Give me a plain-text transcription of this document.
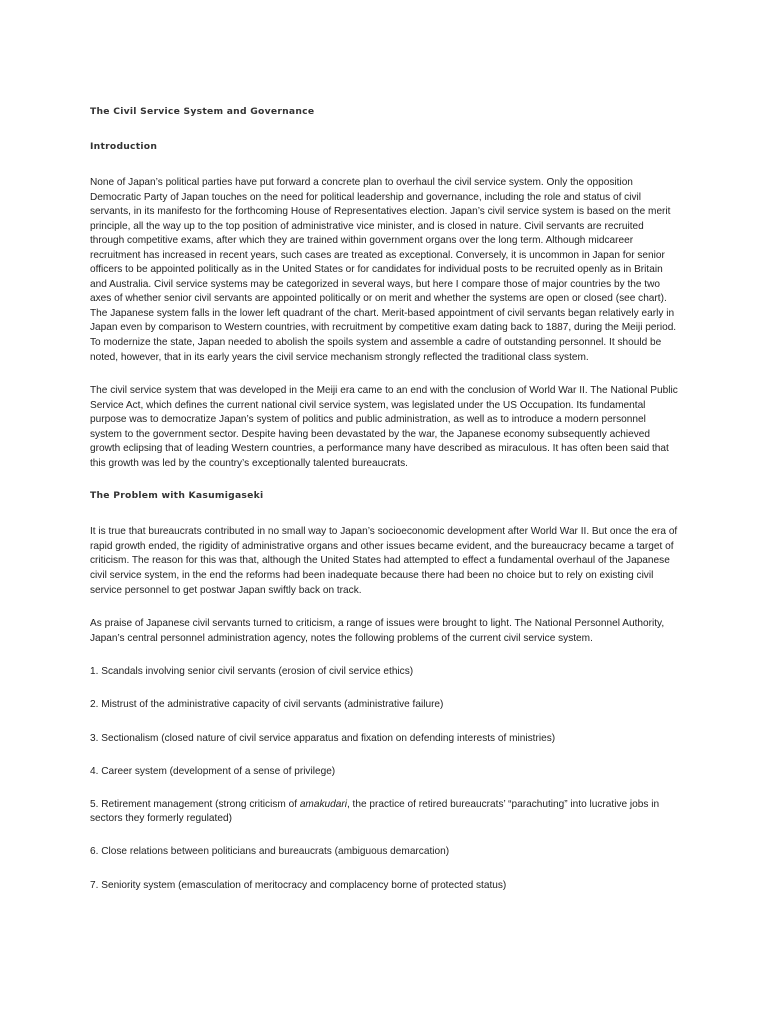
The Civil Service System and Governance
Introduction

None of Japan’s political parties have put forward a concrete plan to overhaul the civil service system. Only the opposition Democratic Party of Japan touches on the need for political leadership and governance, including the role and status of civil servants, in its manifesto for the forthcoming House of Representatives election. Japan’s civil service system is based on the merit principle, all the way up to the top position of administrative vice minister, and is closed in nature. Civil servants are recruited through competitive exams, after which they are trained within government organs over the long term. Although midcareer recruitment has increased in recent years, such cases are treated as exceptional. Conversely, it is uncommon in Japan for senior officers to be appointed politically as in the United States or for candidates for individual posts to be recruited openly as in Britain and Australia. Civil service systems may be categorized in several ways, but here I compare those of major countries by the two axes of whether senior civil servants are appointed politically or on merit and whether the systems are open or closed (see chart). The Japanese system falls in the lower left quadrant of the chart. Merit-based appointment of civil servants began relatively early in Japan even by comparison to Western countries, with recruitment by competitive exam dating back to 1887, during the Meiji period. To modernize the state, Japan needed to abolish the spoils system and assemble a cadre of outstanding personnel. It should be noted, however, that in its early years the civil service mechanism strongly reflected the traditional class system.

The civil service system that was developed in the Meiji era came to an end with the conclusion of World War II. The National Public Service Act, which defines the current national civil service system, was legislated under the US Occupation. Its fundamental purpose was to democratize Japan’s system of politics and public administration, as well as to introduce a modern personnel system to the government sector. Despite having been devastated by the war, the Japanese economy subsequently achieved growth eclipsing that of leading Western countries, a performance many have described as miraculous. It has often been said that this growth was led by the country’s exceptionally talented bureaucrats.

The Problem with Kasumigaseki

It is true that bureaucrats contributed in no small way to Japan’s socioeconomic development after World War II. But once the era of rapid growth ended, the rigidity of administrative organs and other issues became evident, and the bureaucracy became a target of criticism. The reason for this was that, although the United States had attempted to effect a fundamental overhaul of the Japanese civil service system, in the end the reforms had been inadequate because there had been no choice but to rely on existing civil service personnel to get postwar Japan swiftly back on track.

As praise of Japanese civil servants turned to criticism, a range of issues were brought to light. The National Personnel Authority, Japan’s central personnel administration agency, notes the following problems of the current civil service system.

1. Scandals involving senior civil servants (erosion of civil service ethics)

2. Mistrust of the administrative capacity of civil servants (administrative failure)

3. Sectionalism (closed nature of civil service apparatus and fixation on defending interests of ministries)

4. Career system (development of a sense of privilege)

5. Retirement management (strong criticism of amakudari, the practice of retired bureaucrats’ “parachuting” into lucrative jobs in sectors they formerly regulated)

6. Close relations between politicians and bureaucrats (ambiguous demarcation)

7. Seniority system (emasculation of meritocracy and complacency borne of protected status)
